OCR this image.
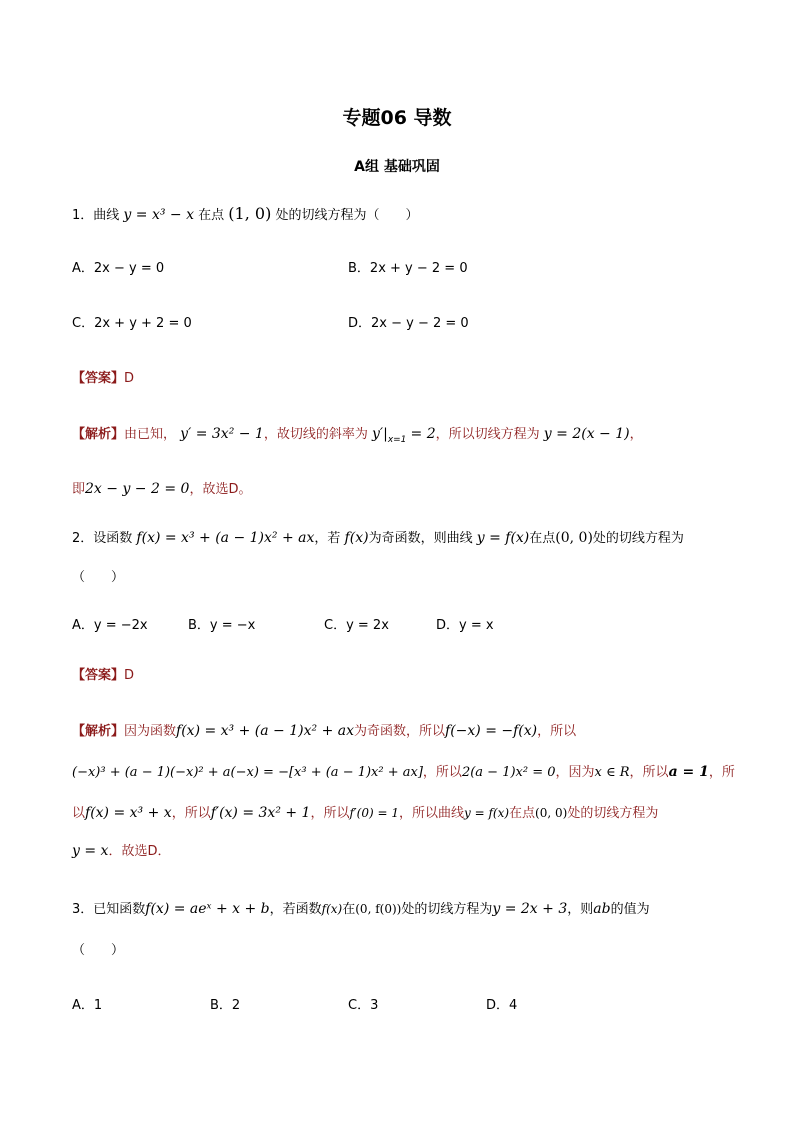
专题06 导数
A组 基础巩固
1．曲线 y = x³ − x 在点 (1, 0) 处的切线方程为（　　）
A．2x − y = 0	B．2x + y − 2 = 0
C．2x + y + 2 = 0	D．2x − y − 2 = 0
【答案】D
【解析】由已知， y′ = 3x² − 1，故切线的斜率为 $y'|_{x=1} = 2$，所以切线方程为 y = 2(x − 1)，
即2x − y − 2 = 0，故选D。
2．设函数 f(x) = x³ + (a − 1)x² + ax，若 f(x)为奇函数，则曲线 y = f(x)在点(0, 0)处的切线方程为
（　　）
A．y = −2x	B．y = −x	C．y = 2x	D．y = x
【答案】D
【解析】因为函数f(x) = x³ + (a − 1)x² + ax为奇函数，所以f(−x) = −f(x)，所以
(−x)³ + (a − 1)(−x)² + a(−x) = −[x³ + (a − 1)x² + ax]，所以2(a − 1)x² = 0，因为x ∈ R，所以a = 1，所
以f(x) = x³ + x，所以f′(x) = 3x² + 1，所以f′(0) = 1，所以曲线y = f(x)在点(0, 0)处的切线方程为
y = x．故选D．
3．已知函数f(x) = aeˣ + x + b，若函数f(x)在(0, f(0))处的切线方程为y = 2x + 3，则ab的值为
（　　）
A．1	B．2	C．3	D．4
